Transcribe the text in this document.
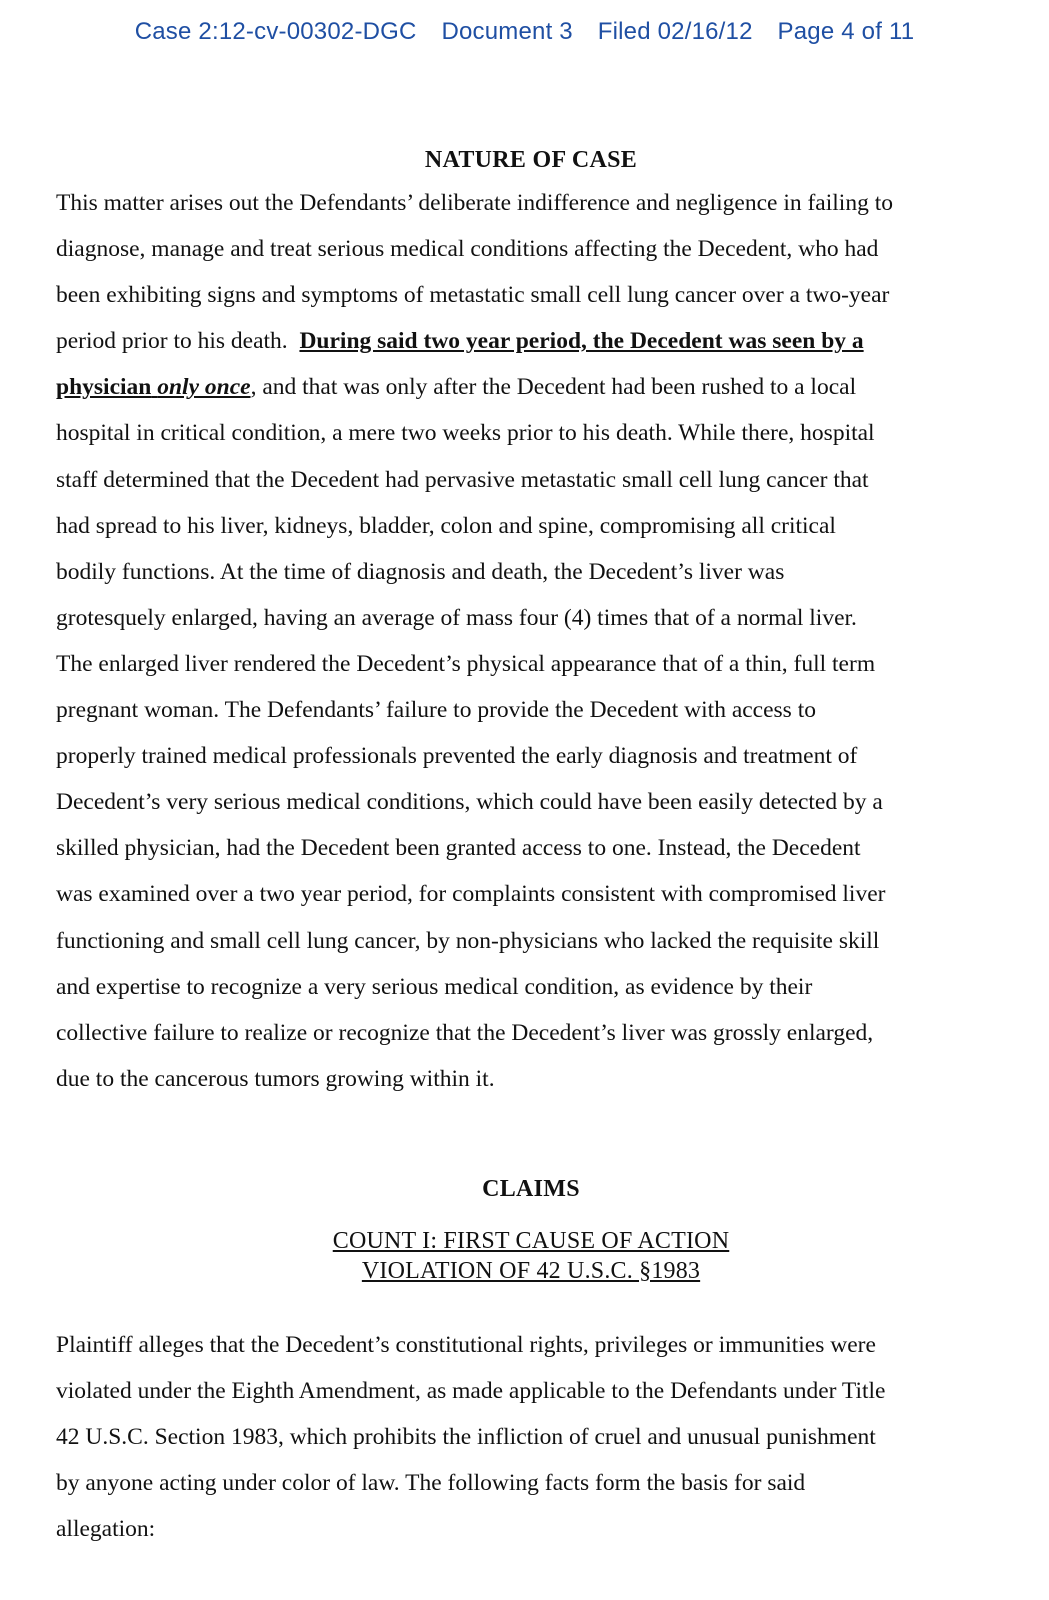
Case 2:12-cv-00302-DGC Document 3 Filed 02/16/12 Page 4 of 11
NATURE OF CASE

This matter arises out the Defendants’ deliberate indifference and negligence in failing to
diagnose, manage and treat serious medical conditions affecting the Decedent, who had
been exhibiting signs and symptoms of metastatic small cell lung cancer over a two-year
period prior to his death. During said two year period, the Decedent was seen by a
physician only once, and that was only after the Decedent had been rushed to a local
hospital in critical condition, a mere two weeks prior to his death. While there, hospital
staff determined that the Decedent had pervasive metastatic small cell lung cancer that
had spread to his liver, kidneys, bladder, colon and spine, compromising all critical
bodily functions. At the time of diagnosis and death, the Decedent’s liver was
grotesquely enlarged, having an average of mass four (4) times that of a normal liver.
The enlarged liver rendered the Decedent’s physical appearance that of a thin, full term
pregnant woman. The Defendants’ failure to provide the Decedent with access to
properly trained medical professionals prevented the early diagnosis and treatment of
Decedent’s very serious medical conditions, which could have been easily detected by a
skilled physician, had the Decedent been granted access to one. Instead, the Decedent
was examined over a two year period, for complaints consistent with compromised liver
functioning and small cell lung cancer, by non-physicians who lacked the requisite skill
and expertise to recognize a very serious medical condition, as evidence by their
collective failure to realize or recognize that the Decedent’s liver was grossly enlarged,
due to the cancerous tumors growing within it.

CLAIMS
COUNT I: FIRST CAUSE OF ACTION
VIOLATION OF 42 U.S.C. §1983

Plaintiff alleges that the Decedent’s constitutional rights, privileges or immunities were
violated under the Eighth Amendment, as made applicable to the Defendants under Title
42 U.S.C. Section 1983, which prohibits the infliction of cruel and unusual punishment
by anyone acting under color of law. The following facts form the basis for said
allegation:
